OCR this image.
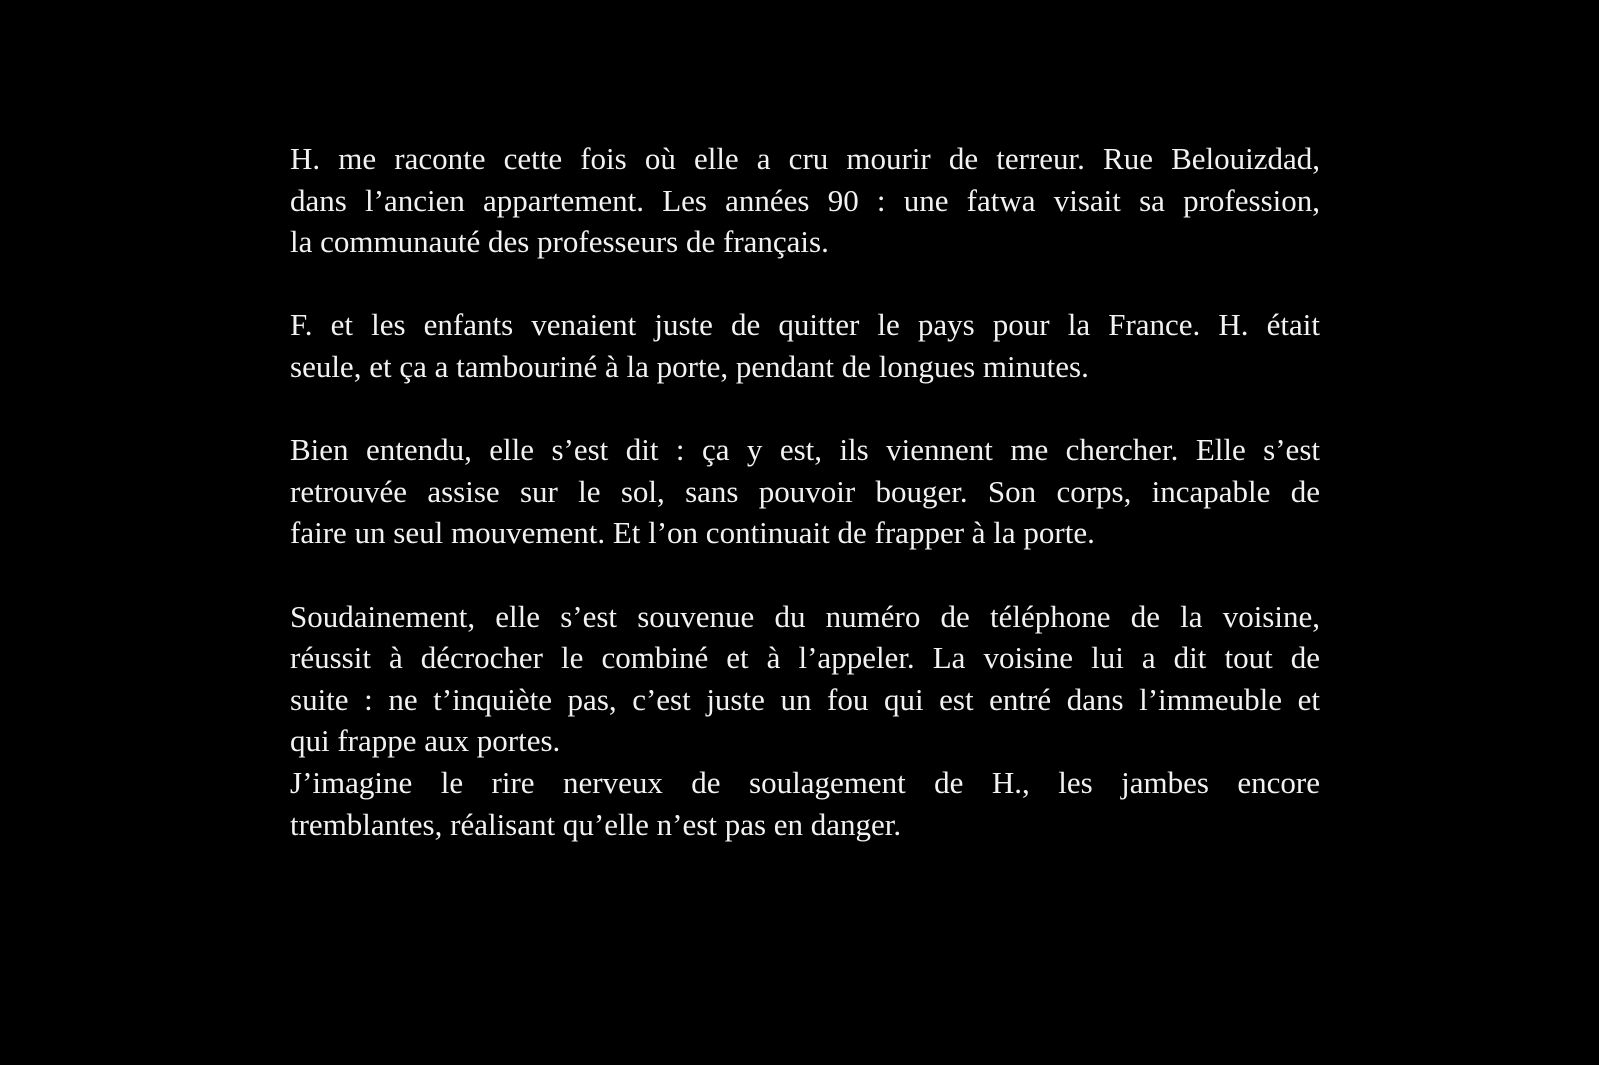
H. me raconte cette fois où elle a cru mourir de terreur. Rue Belouizdad,
dans l’ancien appartement. Les années 90 : une fatwa visait sa profession,
la communauté des professeurs de français.

F. et les enfants venaient juste de quitter le pays pour la France. H. était
seule, et ça a tambouriné à la porte, pendant de longues minutes.

Bien entendu, elle s’est dit : ça y est, ils viennent me chercher. Elle s’est
retrouvée assise sur le sol, sans pouvoir bouger. Son corps, incapable de
faire un seul mouvement. Et l’on continuait de frapper à la porte.

Soudainement, elle s’est souvenue du numéro de téléphone de la voisine,
réussit à décrocher le combiné et à l’appeler. La voisine lui a dit tout de
suite : ne t’inquiète pas, c’est juste un fou qui est entré dans l’immeuble et
qui frappe aux portes.

J’imagine le rire nerveux de soulagement de H., les jambes encore
tremblantes, réalisant qu’elle n’est pas en danger.
